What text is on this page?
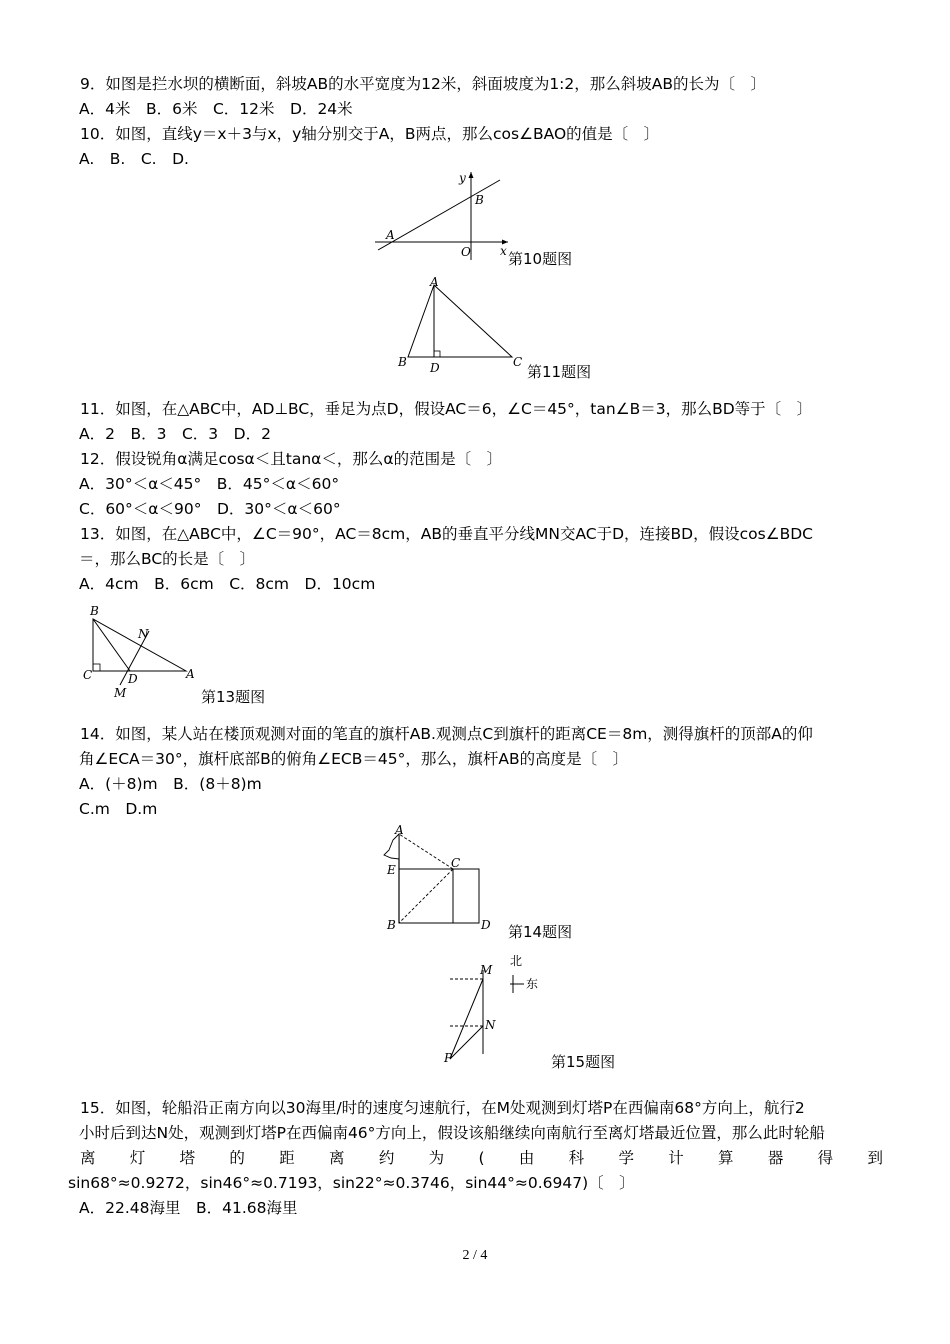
9．如图是拦水坝的横断面，斜坡AB的水平宽度为12米，斜面坡度为1:2，那么斜坡AB的长为〔　〕
A．4米　B．6米　C．12米　D．24米
10．如图，直线y＝x＋3与x，y轴分别交于A，B两点，那么cos∠BAO的值是〔　〕
A.　B.　C.　D.
y
x
A
B
O 第10题图
A
B	C
D	第11题图
11．如图，在△ABC中，AD⊥BC，垂足为点D，假设AC＝6，∠C＝45°，tan∠B＝3，那么BD等于〔　〕
A．2　B．3　C．3　D．2
12．假设锐角α满足cosα＜且tanα＜，那么α的范围是〔　〕
A．30°＜α＜45°　B．45°＜α＜60°
C．60°＜α＜90°　D．30°＜α＜60°
13．如图，在△ABC中，∠C＝90°，AC＝8cm，AB的垂直平分线MN交AC于D，连接BD，假设cos∠BDC
＝，那么BC的长是〔　〕
A．4cm　B．6cm　C．8cm　D．10cm
B
N
C	D	A
M	第13题图
14．如图，某人站在楼顶观测对面的笔直的旗杆AB.观测点C到旗杆的距离CE＝8m，测得旗杆的顶部A的仰
角∠ECA＝30°，旗杆底部B的俯角∠ECB＝45°，那么，旗杆AB的高度是〔　〕
A．(＋8)m　B．(8＋8)m
C.m　D.m
A
C
E
B	D 第14题图
M
N
P
北
东
第15题图
15．如图，轮船沿正南方向以30海里/时的速度匀速航行，在M处观测到灯塔P在西偏南68°方向上，航行2
小时后到达N处，观测到灯塔P在西偏南46°方向上，假设该船继续向南航行至离灯塔最近位置，那么此时轮船
离灯塔的距离约为(由科学计算器得到
sin68°≈0.9272，sin46°≈0.7193，sin22°≈0.3746，sin44°≈0.6947)〔　〕
A．22.48海里　B．41.68海里
2 / 4
